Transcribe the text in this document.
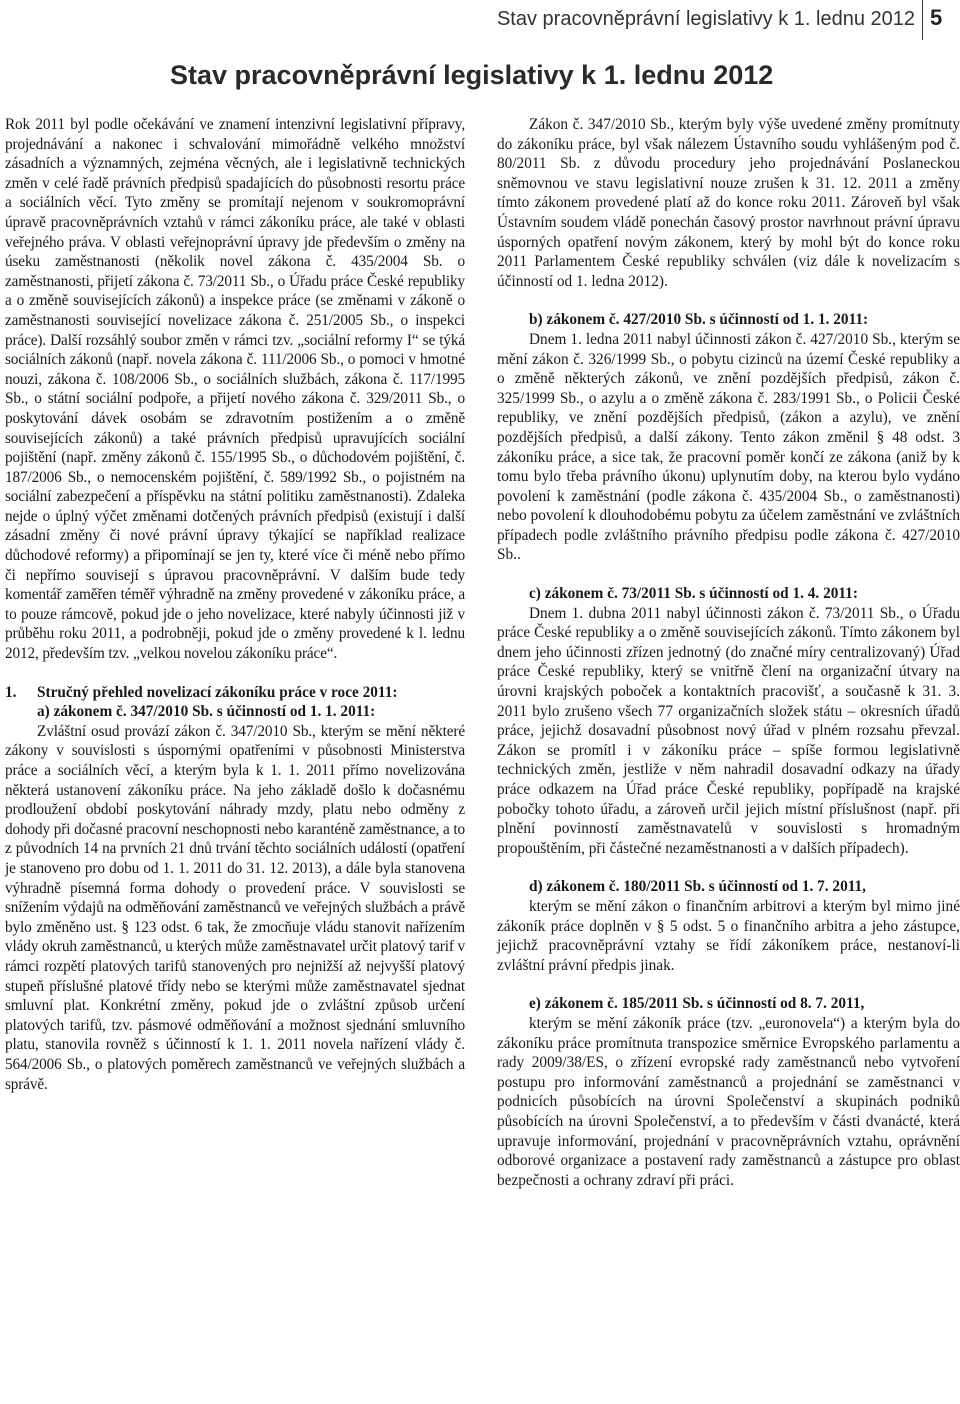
Stav pracovněprávní legislativy k 1. lednu 2012 5
Stav pracovněprávní legislativy k 1. lednu 2012

Rok 2011 byl podle očekávání ve znamení intenzivní legislativní přípravy, projednávání a nakonec i schvalování mimořádně velkého množství zásadních a významných, zejména věcných, ale i legislativně technických změn v celé řadě právních předpisů spadajících do působnosti resortu práce a sociálních věcí. Tyto změny se promítají nejenom v soukromoprávní úpravě pracovněprávních vztahů v rámci zákoníku práce, ale také v oblasti veřejného práva. V oblasti veřejnoprávní úpravy jde především o změny na úseku zaměstnanosti (několik novel zákona č. 435/2004 Sb. o zaměstnanosti, přijetí zákona č. 73/2011 Sb., o Úřadu práce České republiky a o změně souvisejících zákonů) a inspekce práce (se změnami v zákoně o zaměstnanosti související novelizace zákona č. 251/2005 Sb., o inspekci práce). Další rozsáhlý soubor změn v rámci tzv. „sociální reformy I“ se týká sociálních zákonů (např. novela zákona č. 111/2006 Sb., o pomoci v hmotné nouzi, zákona č. 108/2006 Sb., o sociálních službách, zákona č. 117/1995 Sb., o státní sociální podpoře, a přijetí nového zákona č. 329/2011 Sb., o poskytování dávek osobám se zdravotním postižením a o změně souvisejících zákonů) a také právních předpisů upravujících sociální pojištění (např. změny zákonů č. 155/1995 Sb., o důchodovém pojištění, č. 187/2006 Sb., o nemocenském pojištění, č. 589/1992 Sb., o pojistném na sociální zabezpečení a příspěvku na státní politiku zaměstnanosti). Zdaleka nejde o úplný výčet změnami dotčených právních předpisů (existují i další zásadní změny či nové právní úpravy týkající se například realizace důchodové reformy) a připomínají se jen ty, které více či méně nebo přímo či nepřímo souvisejí s úpravou pracovněprávní. V dalším bude tedy komentář zaměřen téměř výhradně na změny provedené v zákoníku práce, a to pouze rámcově, pokud jde o jeho novelizace, které nabyly účinnosti již v průběhu roku 2011, a podrobněji, pokud jde o změny provedené k l. lednu 2012, především tzv. „velkou novelou zákoníku práce“.

1.	Stručný přehled novelizací zákoníku práce v roce 2011:
a) zákonem č. 347/2010 Sb. s účinností od 1. 1. 2011:

Zvláštní osud provází zákon č. 347/2010 Sb., kterým se mění některé zákony v souvislosti s úspornými opatřeními v působnosti Ministerstva práce a sociálních věcí, a kterým byla k 1. 1. 2011 přímo novelizována některá ustanovení zákoníku práce. Na jeho základě došlo k dočasnému prodloužení období poskytování náhrady mzdy, platu nebo odměny z dohody při dočasné pracovní neschopnosti nebo karanténě zaměstnance, a to z původních 14 na prvních 21 dnů trvání těchto sociálních událostí (opatření je stanoveno pro dobu od 1. 1. 2011 do 31. 12. 2013), a dále byla stanovena výhradně písemná forma dohody o provedení práce. V souvislosti se snížením výdajů na odměňování zaměstnanců ve veřejných službách a právě bylo změněno ust. § 123 odst. 6 tak, že zmocňuje vládu stanovit nařízením vlády okruh zaměstnanců, u kterých může zaměstnavatel určit platový tarif v rámci rozpětí platových tarifů stanovených pro nejnižší až nejvyšší platový stupeň příslušné platové třídy nebo se kterými může zaměstnavatel sjednat smluvní plat. Konkrétní změny, pokud jde o zvláštní způsob určení platových tarifů, tzv. pásmové odměňování a možnost sjednání smluvního platu, stanovila rovněž s účinností k 1. 1. 2011 novela nařízení vlády č. 564/2006 Sb., o platových poměrech zaměstnanců ve veřejných službách a správě.

Zákon č. 347/2010 Sb., kterým byly výše uvedené změny promítnuty do zákoníku práce, byl však nálezem Ústavního soudu vyhlášeným pod č. 80/2011 Sb. z důvodu procedury jeho projednávání Poslaneckou sněmovnou ve stavu legislativní nouze zrušen k 31. 12. 2011 a změny tímto zákonem provedené platí až do konce roku 2011. Zároveň byl však Ústavním soudem vládě ponechán časový prostor navrhnout právní úpravu úsporných opatření novým zákonem, který by mohl být do konce roku 2011 Parlamentem České republiky schválen (viz dále k novelizacím s účinností od 1. ledna 2012).

b) zákonem č. 427/2010 Sb. s účinností od 1. 1. 2011:

Dnem 1. ledna 2011 nabyl účinnosti zákon č. 427/2010 Sb., kterým se mění zákon č. 326/1999 Sb., o pobytu cizinců na území České republiky a o změně některých zákonů, ve znění pozdějších předpisů, zákon č. 325/1999 Sb., o azylu a o změně zákona č. 283/1991 Sb., o Policii České republiky, ve znění pozdějších předpisů, (zákon a azylu), ve znění pozdějších předpisů, a další zákony. Tento zákon změnil § 48 odst. 3 zákoníku práce, a sice tak, že pracovní poměr končí ze zákona (aniž by k tomu bylo třeba právního úkonu) uplynutím doby, na kterou bylo vydáno povolení k zaměstnání (podle zákona č. 435/2004 Sb., o zaměstnanosti) nebo povolení k dlouhodobému pobytu za účelem zaměstnání ve zvláštních případech podle zvláštního právního předpisu podle zákona č. 427/2010 Sb..

c) zákonem č. 73/2011 Sb. s účinností od 1. 4. 2011:

Dnem 1. dubna 2011 nabyl účinnosti zákon č. 73/2011 Sb., o Úřadu práce České republiky a o změně souvisejících zákonů. Tímto zákonem byl dnem jeho účinnosti zřízen jednotný (do značné míry centralizovaný) Úřad práce České republiky, který se vnitřně člení na organizační útvary na úrovni krajských poboček a kontaktních pracovišť, a současně k 31. 3. 2011 bylo zrušeno všech 77 organizačních složek státu – okresních úřadů práce, jejichž dosavadní působnost nový úřad v plném rozsahu převzal. Zákon se promítl i v zákoníku práce – spíše formou legislativně technických změn, jestliže v něm nahradil dosavadní odkazy na úřady práce odkazem na Úřad práce České republiky, popřípadě na krajské pobočky tohoto úřadu, a zároveň určil jejich místní příslušnost (např. při plnění povinností zaměstnavatelů v souvislosti s hromadným propouštěním, při částečné nezaměstnanosti a v dalších případech).

d) zákonem č. 180/2011 Sb. s účinností od 1. 7. 2011,

kterým se mění zákon o finančním arbitrovi a kterým byl mimo jiné zákoník práce doplněn v § 5 odst. 5 o finančního arbitra a jeho zástupce, jejichž pracovněprávní vztahy se řídí zákoníkem práce, nestanoví-li zvláštní právní předpis jinak.

e) zákonem č. 185/2011 Sb. s účinností od 8. 7. 2011,

kterým se mění zákoník práce (tzv. „euronovela“) a kterým byla do zákoníku práce promítnuta transpozice směrnice Evropského parlamentu a rady 2009/38/ES, o zřízení evropské rady zaměstnanců nebo vytvoření postupu pro informování zaměstnanců a projednání se zaměstnanci v podnicích působících na úrovni Společenství a skupinách podniků působících na úrovni Společenství, a to především v části dvanácté, která upravuje informování, projednání v pracovněprávních vztahu, oprávnění odborové organizace a postavení rady zaměstnanců a zástupce pro oblast bezpečnosti a ochrany zdraví při práci.
